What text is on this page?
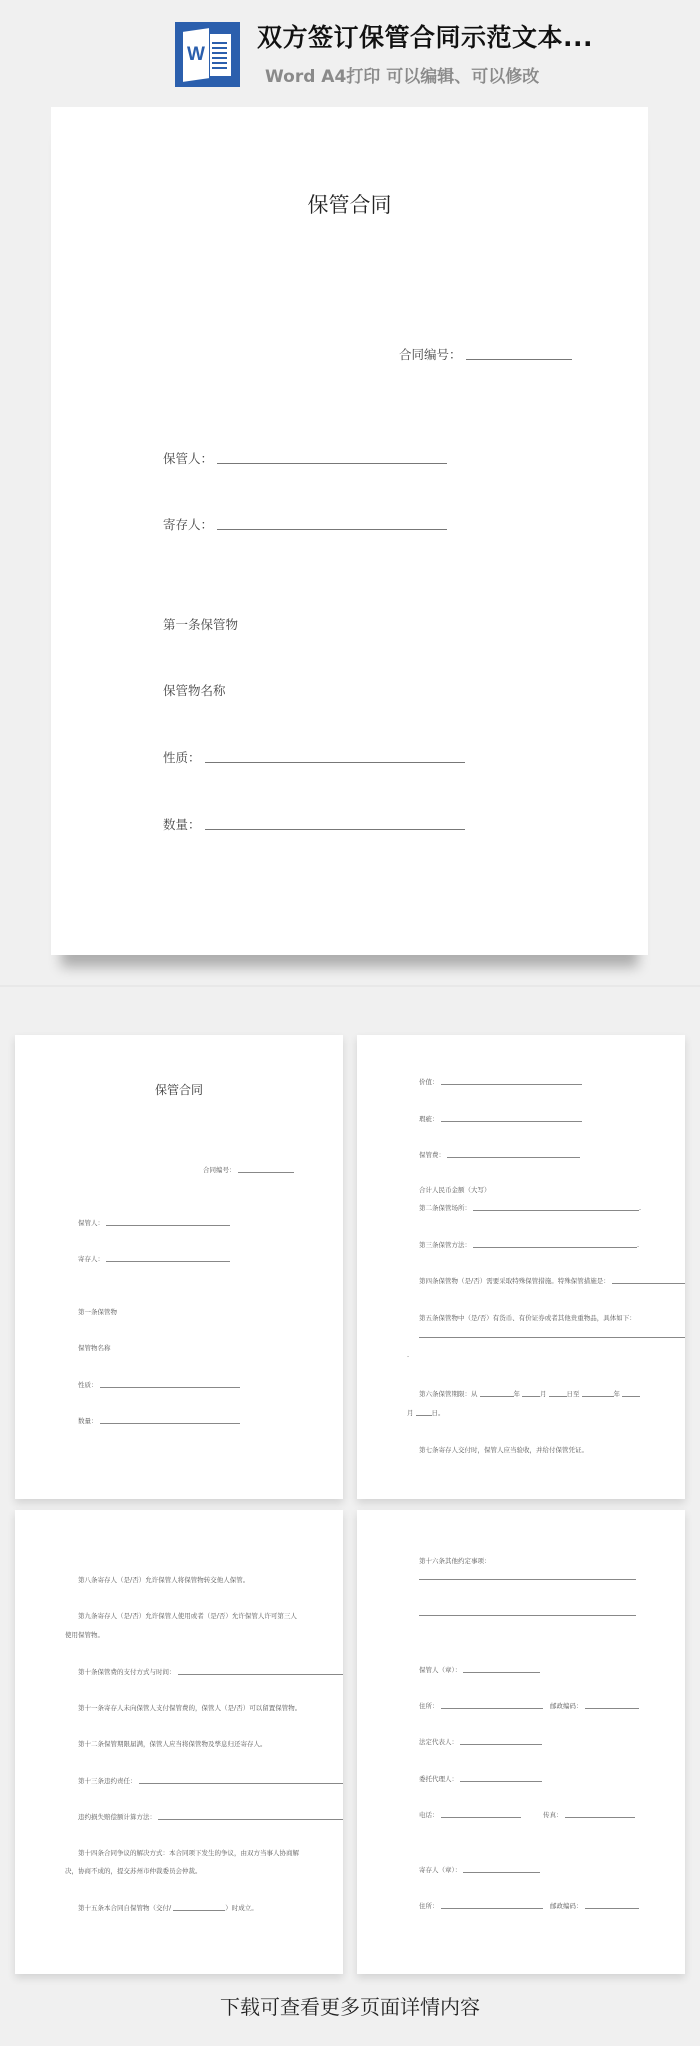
W
双方签订保管合同示范文本...
Word A4打印 可以编辑、可以修改
保管合同
合同编号：
保管人：
寄存人：
第一条保管物
保管物名称
性质：
数量：
保管合同
合同编号：
保管人：
寄存人：
第一条保管物
保管物名称
性质：
数量：
价值：
瑕疵：
保管费：
合计人民币金额（大写）
第二条保管场所：	.
第三条保管方法：	.
第四条保管物（是/否）需要采取特殊保管措施。特殊保管措施是：
第五条保管物中（是/否）有货币、有价证券或者其他贵重物品，具体如下：
.
第六条保管期限：从	年	月	日至	年
月	日。
第七条寄存人交付时，保管人应当验收，并给付保管凭证。
第八条寄存人（是/否）允许保管人将保管物转交他人保管。
第九条寄存人（是/否）允许保管人使用或者（是/否）允许保管人许可第三人
使用保管物。
第十条保管费的支付方式与时间：
第十一条寄存人未向保管人支付保管费的，保管人（是/否）可以留置保管物。
第十二条保管期限届满，保管人应当将保管物及孳息归还寄存人。
第十三条违约责任：
违约损失赔偿额计算方法：
第十四条合同争议的解决方式：本合同项下发生的争议，由双方当事人协商解
决，协商不成的，提交苏州市仲裁委员会仲裁。
第十五条本合同自保管物（交付/	）时成立。
第十六条其他约定事项：
保管人（章）：
住所：	邮政编码：
法定代表人：
委托代理人：
电话：	传真：
寄存人（章）：
住所：	邮政编码：
下载可查看更多页面详情内容
